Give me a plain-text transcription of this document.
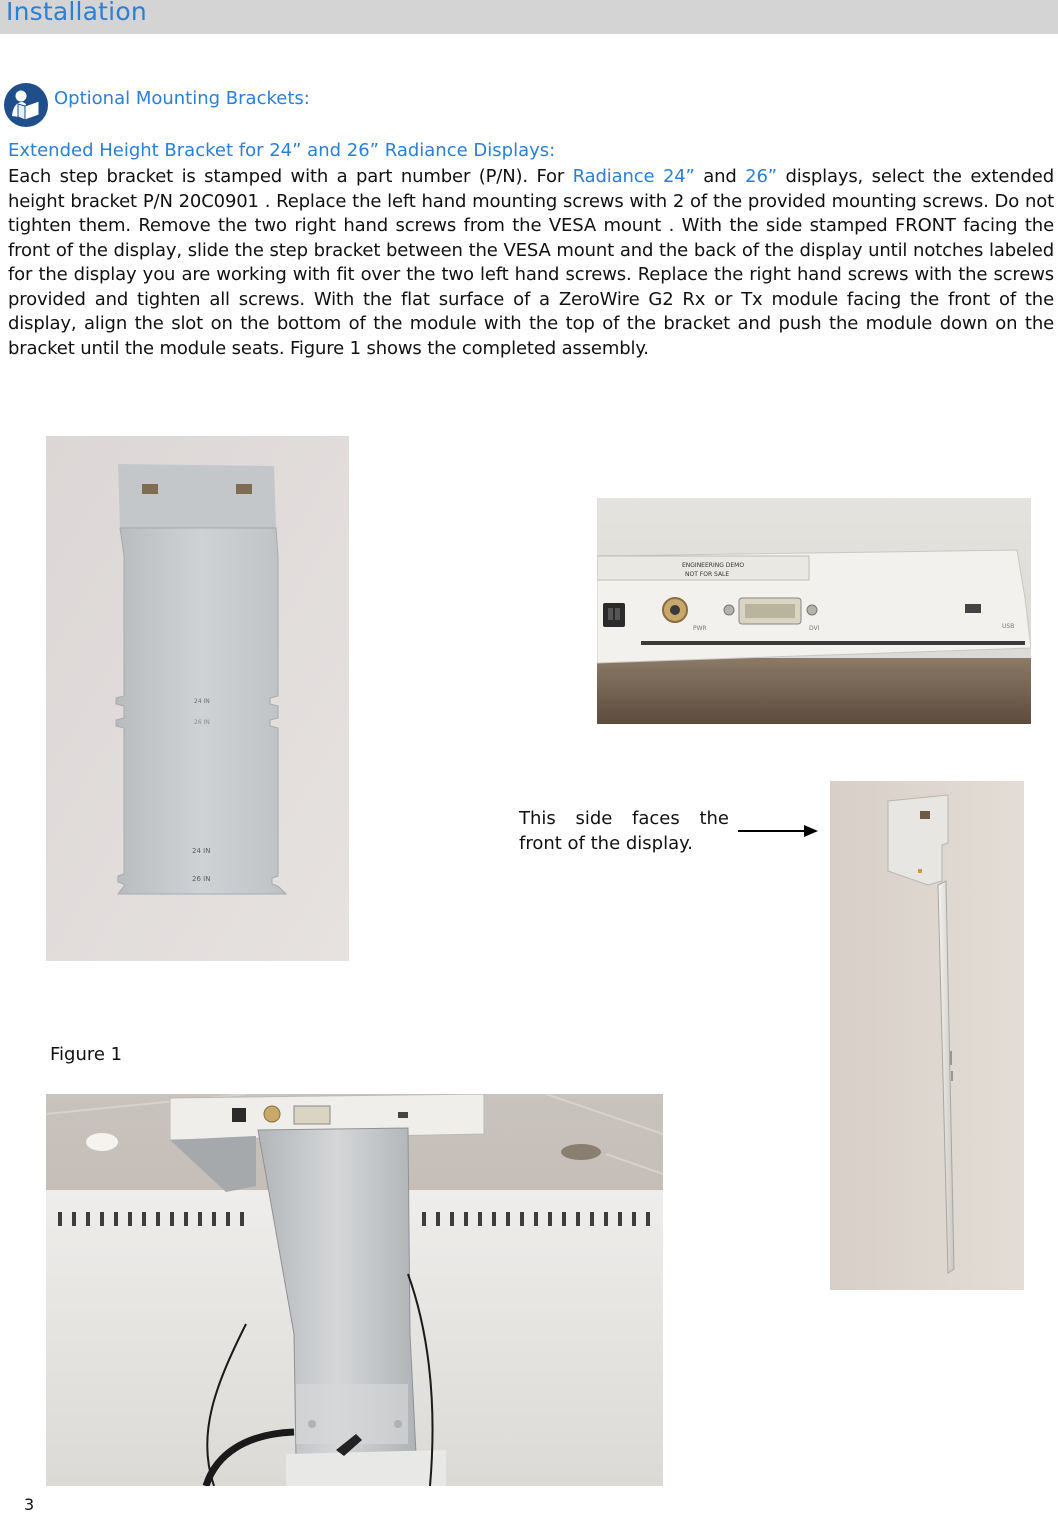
Installation
Optional Mounting Brackets:
Extended Height Bracket for 24” and 26” Radiance Displays:
Each step bracket is stamped with a part number (P/N). For Radiance 24” and 26” displays, select the extended height bracket P/N 20C0901 . Replace the left hand mounting screws with 2 of the provided mounting screws. Do not tighten them. Remove the two right hand screws from the VESA mount . With the side stamped FRONT facing the front of the display, slide the step bracket between the VESA mount and the back of the display until notches labeled for the display you are working with fit over the two left hand screws. Replace the right hand screws with the screws provided and tighten all screws. With the flat surface of a ZeroWire G2 Rx or Tx module facing the front of the display, align the slot on the bottom of the module with the top of the bracket and push the module down on the bracket until the module seats. Figure 1 shows the completed assembly.
24 IN
26 IN
24 IN
26 IN
ENGINEERING DEMO
NOT FOR SALE
PWR	DVI	USB
This side faces the front of the display.
Figure 1
3
